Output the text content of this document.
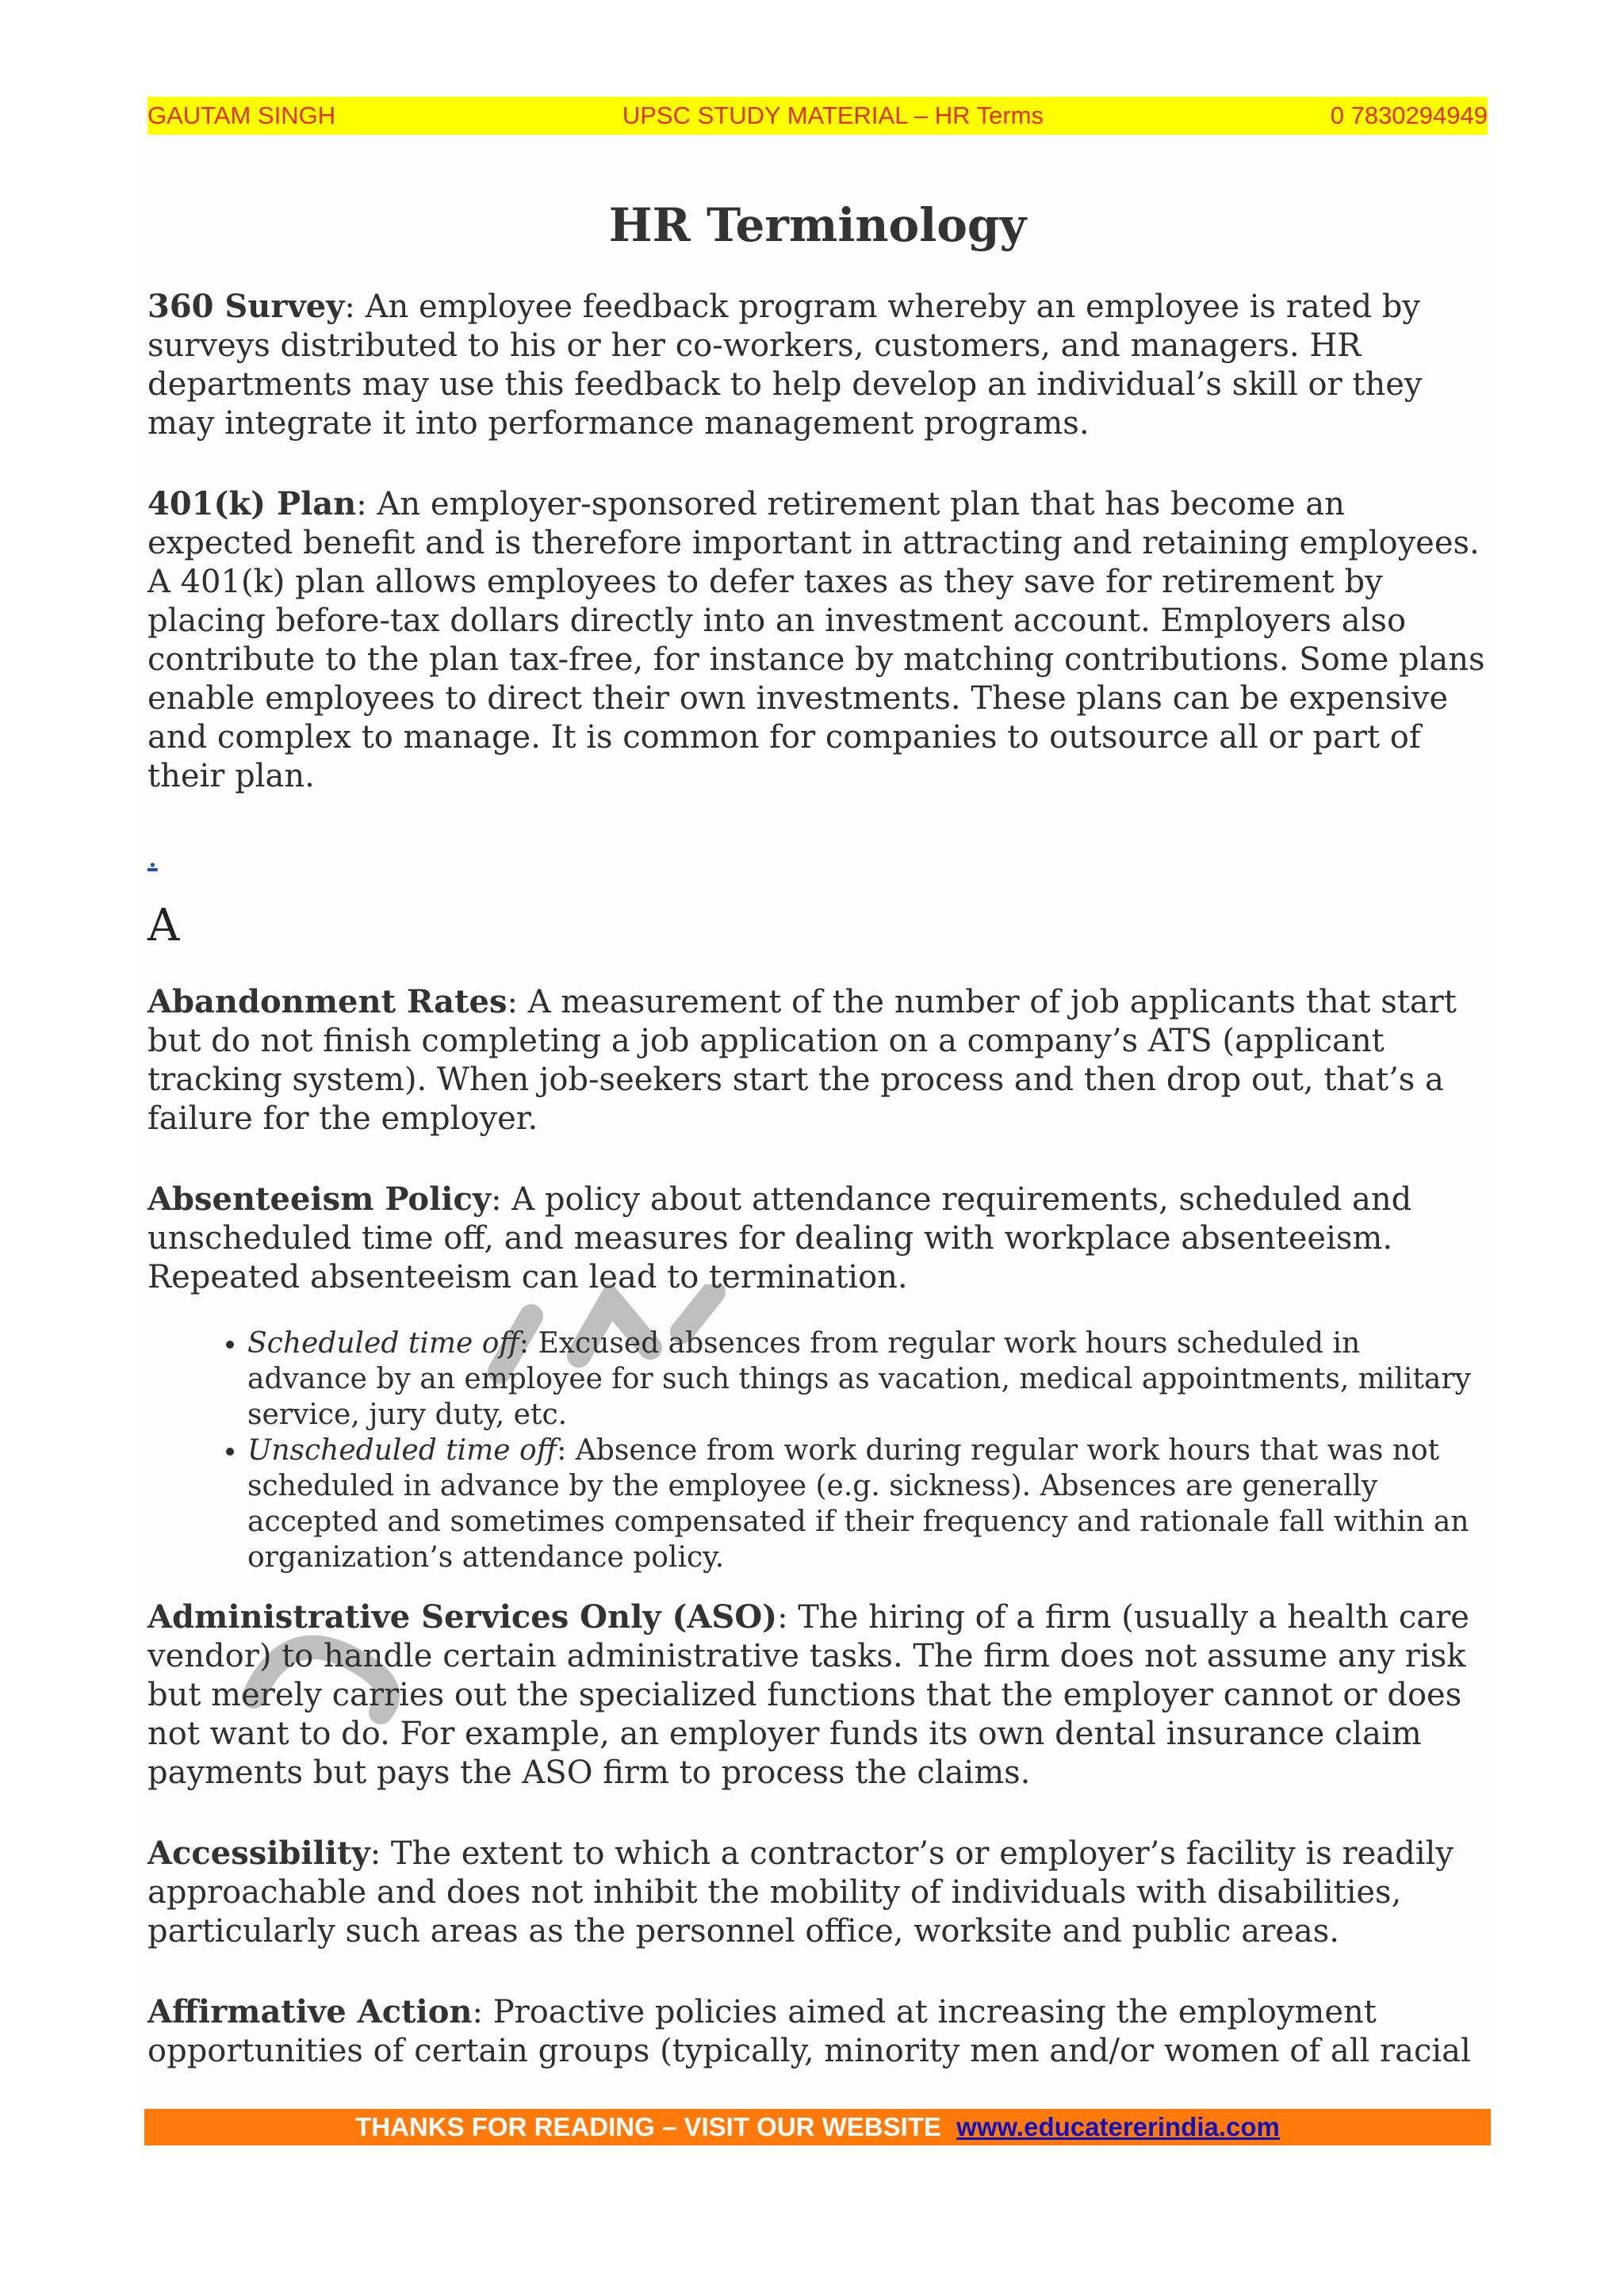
GAUTAM SINGH	UPSC STUDY MATERIAL – HR Terms	0 7830294949
HR Terminology

360 Survey: An employee feedback program whereby an employee is rated by surveys distributed to his or her co-workers, customers, and managers. HR departments may use this feedback to help develop an individual’s skill or they may integrate it into performance management programs.

401(k) Plan: An employer-sponsored retirement plan that has become an expected benefit and is therefore important in attracting and retaining employees. A 401(k) plan allows employees to defer taxes as they save for retirement by placing before-tax dollars directly into an investment account. Employers also contribute to the plan tax-free, for instance by matching contributions. Some plans enable employees to direct their own investments. These plans can be expensive and complex to manage. It is common for companies to outsource all or part of their plan.

.
A

Abandonment Rates: A measurement of the number of job applicants that start but do not finish completing a job application on a company’s ATS (applicant tracking system). When job-seekers start the process and then drop out, that’s a failure for the employer.

Absenteeism Policy: A policy about attendance requirements, scheduled and unscheduled time off, and measures for dealing with workplace absenteeism. Repeated absenteeism can lead to termination.

• Scheduled time off: Excused absences from regular work hours scheduled in advance by an employee for such things as vacation, medical appointments, military service, jury duty, etc.
• Unscheduled time off: Absence from work during regular work hours that was not scheduled in advance by the employee (e.g. sickness). Absences are generally accepted and sometimes compensated if their frequency and rationale fall within an organization’s attendance policy.

Administrative Services Only (ASO): The hiring of a firm (usually a health care vendor) to handle certain administrative tasks. The firm does not assume any risk but merely carries out the specialized functions that the employer cannot or does not want to do. For example, an employer funds its own dental insurance claim payments but pays the ASO firm to process the claims.

Accessibility: The extent to which a contractor’s or employer’s facility is readily approachable and does not inhibit the mobility of individuals with disabilities, particularly such areas as the personnel office, worksite and public areas.

Affirmative Action: Proactive policies aimed at increasing the employment opportunities of certain groups (typically, minority men and/or women of all racial

THANKS FOR READING – VISIT OUR WEBSITE www.educatererindia.com
